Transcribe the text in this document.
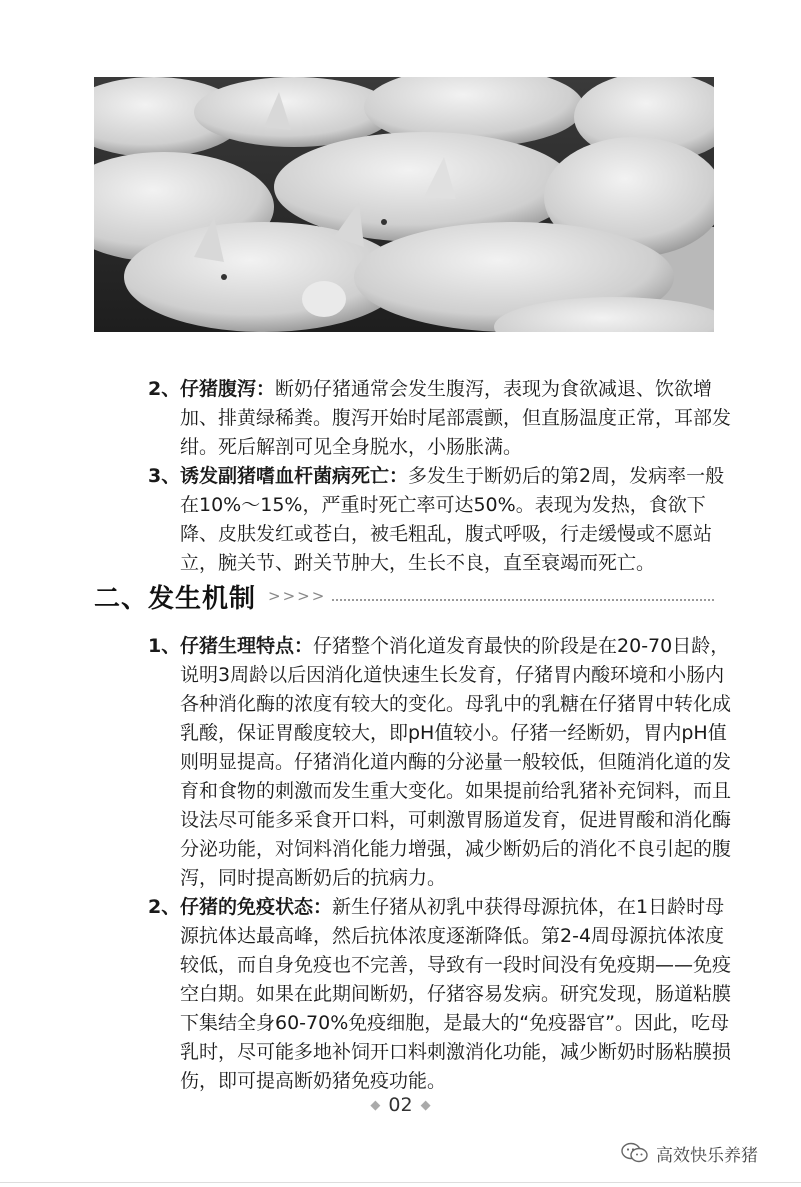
2、 仔猪腹泻：断奶仔猪通常会发生腹泻，表现为食欲减退、饮欲增加、排黄绿稀粪。腹泻开始时尾部震颤，但直肠温度正常，耳部发绀。死后解剖可见全身脱水，小肠胀满。

3、 诱发副猪嗜血杆菌病死亡：多发生于断奶后的第2周，发病率一般在10%～15%，严重时死亡率可达50%。表现为发热，食欲下降、皮肤发红或苍白，被毛粗乱，腹式呼吸，行走缓慢或不愿站立，腕关节、跗关节肿大，生长不良，直至衰竭而死亡。

二、发生机制 >>>>

1、 仔猪生理特点：仔猪整个消化道发育最快的阶段是在20-70日龄，说明3周龄以后因消化道快速生长发育，仔猪胃内酸环境和小肠内各种消化酶的浓度有较大的变化。母乳中的乳糖在仔猪胃中转化成乳酸，保证胃酸度较大，即pH值较小。仔猪一经断奶，胃内pH值则明显提高。仔猪消化道内酶的分泌量一般较低，但随消化道的发育和食物的刺激而发生重大变化。如果提前给乳猪补充饲料，而且设法尽可能多采食开口料，可刺激胃肠道发育，促进胃酸和消化酶分泌功能，对饲料消化能力增强，减少断奶后的消化不良引起的腹泻，同时提高断奶后的抗病力。

2、 仔猪的免疫状态：新生仔猪从初乳中获得母源抗体，在1日龄时母源抗体达最高峰，然后抗体浓度逐渐降低。第2-4周母源抗体浓度较低，而自身免疫也不完善，导致有一段时间没有免疫期——免疫空白期。如果在此期间断奶，仔猪容易发病。研究发现，肠道粘膜下集结全身60-70%免疫细胞，是最大的“免疫器官”。因此，吃母乳时，尽可能多地补饲开口料刺激消化功能，减少断奶时肠粘膜损伤，即可提高断奶猪免疫功能。

◆ 02 ◆
高效快乐养猪
